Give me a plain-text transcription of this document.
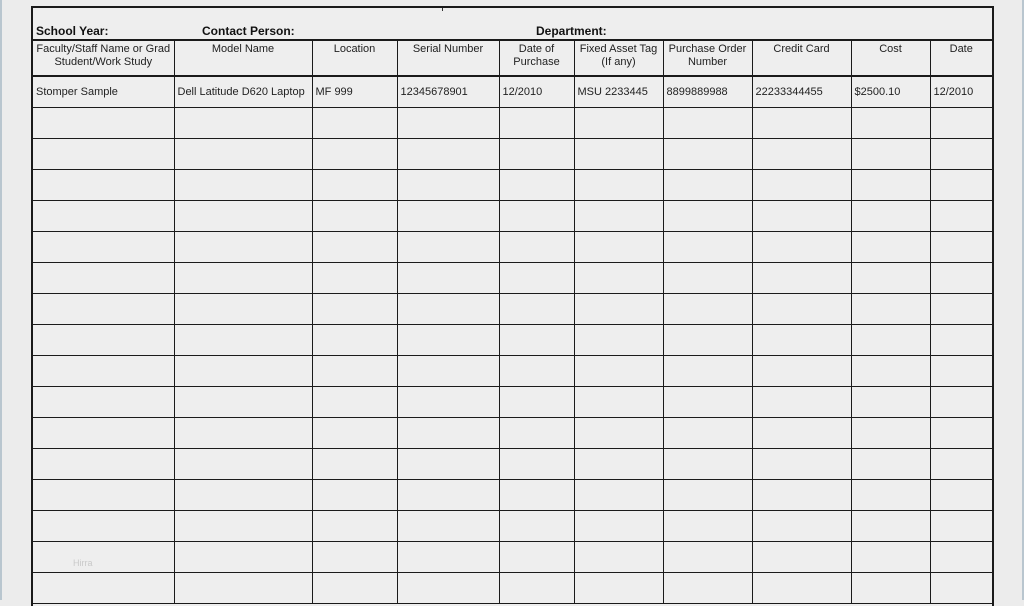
School Year:	Contact Person:	Department:
Faculty/Staff Name or Grad Student/Work Study	Model Name	Location	Serial Number	Date of Purchase	Fixed Asset Tag (If any)	Purchase Order Number	Credit Card	Cost	Date
Stomper Sample	Dell Latitude D620 Laptop	MF 999	12345678901	12/2010	MSU 2233445	8899889988	22233344455	$2500.10	12/2010

Hirra
